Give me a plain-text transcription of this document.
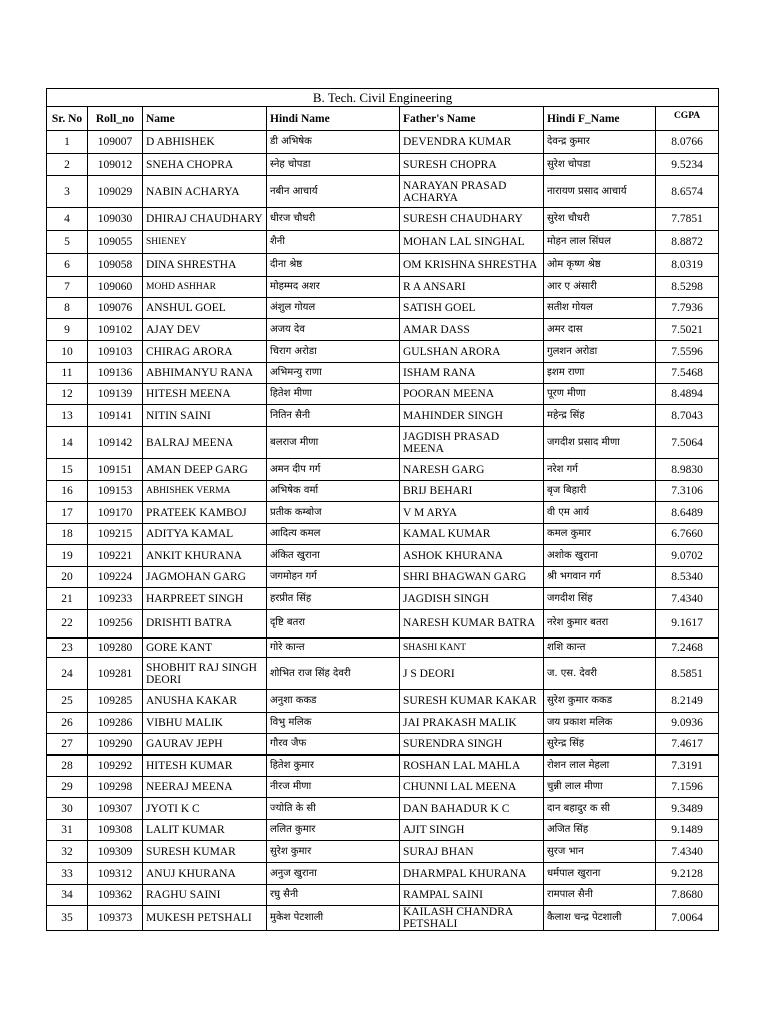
B. Tech. Civil Engineering						
Sr. No	Roll_no	Name	Hindi Name	Father's Name	Hindi F_Name	CGPA
1	109007	D ABHISHEK	डी अभिषेक	DEVENDRA KUMAR	देवन्द्र कुमार	8.0766
2	109012	SNEHA CHOPRA	स्नेह चोपडा	SURESH CHOPRA	सुरेश चोपडा	9.5234
3	109029	NABIN ACHARYA	नबीन आचार्य	NARAYAN PRASAD ACHARYA	नारायण प्रसाद आचार्य	8.6574
4	109030	DHIRAJ CHAUDHARY	धीरज चौधरी	SURESH CHAUDHARY	सुरेश चौधरी	7.7851
5	109055	SHIENEY	शैनी	MOHAN LAL SINGHAL	मोहन लाल सिंघल	8.8872
6	109058	DINA SHRESTHA	दीना श्रेष्ठ	OM KRISHNA SHRESTHA	ओम कृष्ण श्रेष्ठ	8.0319
7	109060	MOHD ASHHAR	मोहम्मद अशर	R A ANSARI	आर ए अंसारी	8.5298
8	109076	ANSHUL GOEL	अंशुल गोयल	SATISH GOEL	सतीश गोयल	7.7936
9	109102	AJAY DEV	अजय देव	AMAR DASS	अमर दास	7.5021
10	109103	CHIRAG ARORA	चिराग अरोडा	GULSHAN ARORA	गुलशन अरोडा	7.5596
11	109136	ABHIMANYU RANA	अभिमन्यु राणा	ISHAM RANA	इशम राणा	7.5468
12	109139	HITESH MEENA	हितेश मीणा	POORAN MEENA	पूरण मीणा	8.4894
13	109141	NITIN SAINI	नितिन सैनी	MAHINDER SINGH	महेन्द्र सिंह	8.7043
14	109142	BALRAJ MEENA	बलराज मीणा	JAGDISH PRASAD MEENA	जगदीश प्रसाद मीणा	7.5064
15	109151	AMAN DEEP GARG	अमन दीप गर्ग	NARESH GARG	नरेश गर्ग	8.9830
16	109153	ABHISHEK VERMA	अभिषेक वर्मा	BRIJ BEHARI	बृज बिहारी	7.3106
17	109170	PRATEEK KAMBOJ	प्रतीक कम्बोज	V M ARYA	वी एम आर्य	8.6489
18	109215	ADITYA KAMAL	आदित्य कमल	KAMAL KUMAR	कमल कुमार	6.7660
19	109221	ANKIT KHURANA	अंकित खुराना	ASHOK KHURANA	अशोक खुराना	9.0702
20	109224	JAGMOHAN GARG	जगमोहन गर्ग	SHRI BHAGWAN GARG	श्री भगवान गर्ग	8.5340
21	109233	HARPREET SINGH	हरप्रीत सिंह	JAGDISH SINGH	जगदीश सिंह	7.4340
22	109256	DRISHTI BATRA	दृष्टि बतरा	NARESH KUMAR BATRA	नरेश कुमार बतरा	9.1617
23	109280	GORE KANT	गोरे कान्त	SHASHI KANT	शशि कान्त	7.2468
24	109281	SHOBHIT RAJ SINGH DEORI	शोभित राज सिंह देवरी	J S DEORI	ज. एस. देवरी	8.5851
25	109285	ANUSHA KAKAR	अनुशा ककड	SURESH KUMAR KAKAR	सुरेश कुमार ककड	8.2149
26	109286	VIBHU MALIK	विभु मलिक	JAI PRAKASH MALIK	जय प्रकाश मलिक	9.0936
27	109290	GAURAV JEPH	गौरव जैफ	SURENDRA SINGH	सुरेन्द्र सिंह	7.4617
28	109292	HITESH KUMAR	हितेश कुमार	ROSHAN LAL MAHLA	रोशन लाल मेहला	7.3191
29	109298	NEERAJ MEENA	नीरज मीणा	CHUNNI LAL MEENA	चुन्नी लाल मीणा	7.1596
30	109307	JYOTI K C	ज्योति के सी	DAN BAHADUR K C	दान बहादुर क सी	9.3489
31	109308	LALIT KUMAR	ललित कुमार	AJIT SINGH	अजित सिंह	9.1489
32	109309	SURESH KUMAR	सुरेश कुमार	SURAJ BHAN	सुरज भान	7.4340
33	109312	ANUJ KHURANA	अनुज खुराना	DHARMPAL KHURANA	धर्मपाल खुराना	9.2128
34	109362	RAGHU SAINI	रघु सैनी	RAMPAL SAINI	रामपाल सैनी	7.8680
35	109373	MUKESH PETSHALI	मुकेश पेटशाली	KAILASH CHANDRA PETSHALI	कैलाश चन्द्र पेटशाली	7.0064
